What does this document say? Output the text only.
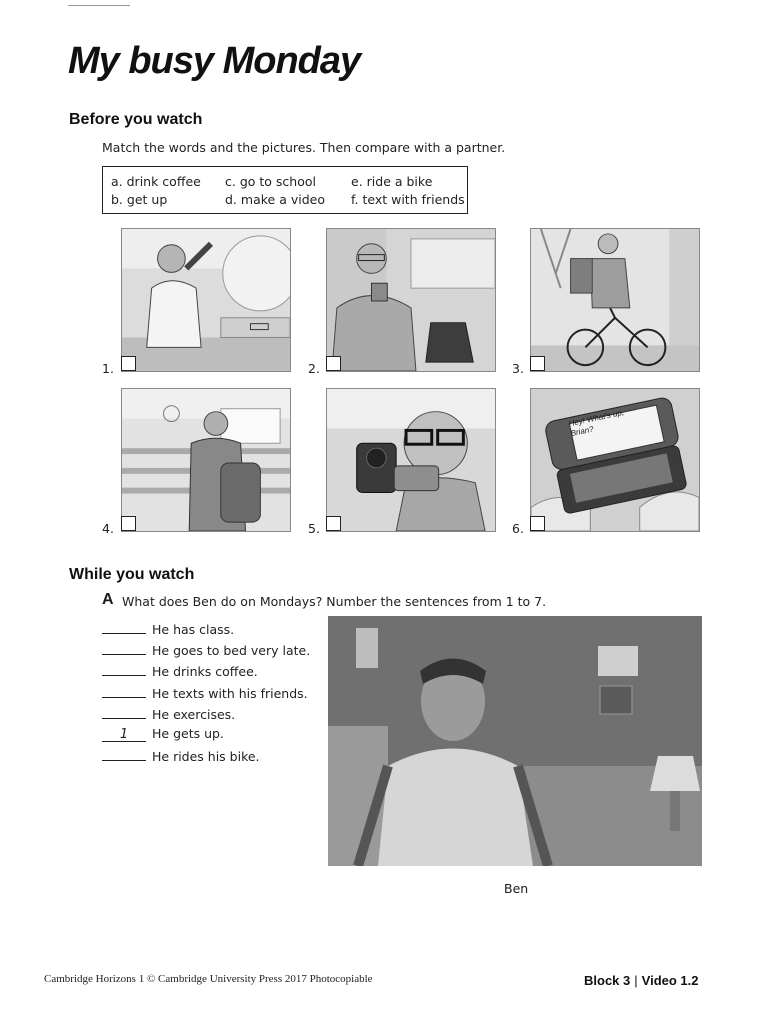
My busy Monday
Before you watch
Match the words and the pictures. Then compare with a partner.
a. drink coffee
b. get up
c. go to school
d. make a video
e. ride a bike
f. text with friends
1.	2.	3.
4.	5.
Hey! What's up, Brian?
6.
While you watch
A What does Ben do on Mondays? Number the sentences from 1 to 7.
He has class.
He goes to bed very late.
He drinks coffee.
He texts with his friends.
He exercises.
1 He gets up.
He rides his bike.
Ben
Cambridge Horizons 1 © Cambridge University Press 2017 Photocopiable	Block 3 | Video 1.2
